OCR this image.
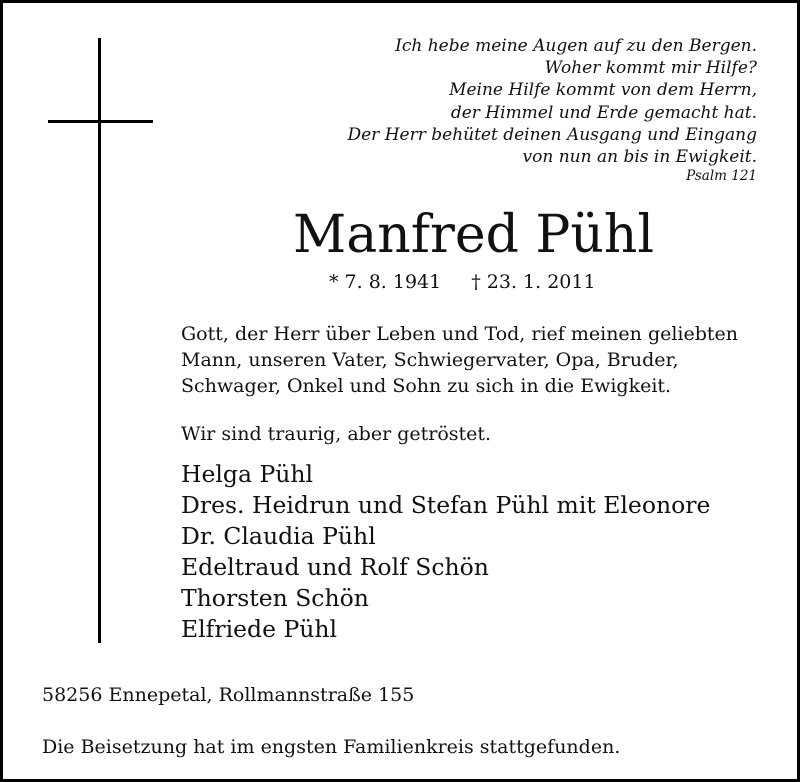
Ich hebe meine Augen auf zu den Bergen.
Woher kommt mir Hilfe?
Meine Hilfe kommt von dem Herrn,
der Himmel und Erde gemacht hat.
Der Herr behütet deinen Ausgang und Eingang
von nun an bis in Ewigkeit.
Psalm 121
Manfred Pühl
* 7. 8. 1941 † 23. 1. 2011
Gott, der Herr über Leben und Tod, rief meinen geliebten
Mann, unseren Vater, Schwiegervater, Opa, Bruder,
Schwager, Onkel und Sohn zu sich in die Ewigkeit.
Wir sind traurig, aber getröstet.
Helga Pühl
Dres. Heidrun und Stefan Pühl mit Eleonore
Dr. Claudia Pühl
Edeltraud und Rolf Schön
Thorsten Schön
Elfriede Pühl
58256 Ennepetal, Rollmannstraße 155
Die Beisetzung hat im engsten Familienkreis stattgefunden.
